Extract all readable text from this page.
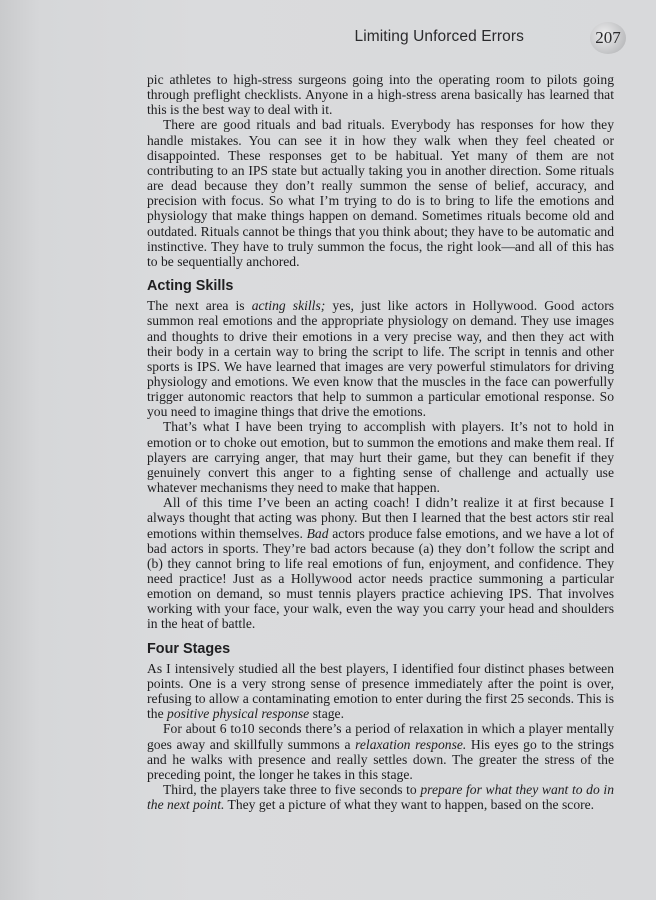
Limiting Unforced Errors	207

pic athletes to high-stress surgeons going into the operating room to pilots going through preflight checklists. Anyone in a high-stress arena basically has learned that this is the best way to deal with it.

There are good rituals and bad rituals. Everybody has responses for how they handle mistakes. You can see it in how they walk when they feel cheated or disappointed. These responses get to be habitual. Yet many of them are not contributing to an IPS state but actually taking you in another direction. Some rituals are dead because they don’t really summon the sense of belief, accuracy, and precision with focus. So what I’m trying to do is to bring to life the emotions and physiology that make things happen on demand. Sometimes rituals become old and outdated. Rituals cannot be things that you think about; they have to be automatic and instinctive. They have to truly summon the focus, the right look—and all of this has to be sequentially anchored.

Acting Skills

The next area is acting skills; yes, just like actors in Hollywood. Good actors summon real emotions and the appropriate physiology on demand. They use images and thoughts to drive their emotions in a very precise way, and then they act with their body in a certain way to bring the script to life. The script in tennis and other sports is IPS. We have learned that images are very powerful stimulators for driving physiology and emotions. We even know that the muscles in the face can powerfully trigger autonomic reactors that help to summon a particular emotional response. So you need to imagine things that drive the emotions.

That’s what I have been trying to accomplish with players. It’s not to hold in emotion or to choke out emotion, but to summon the emotions and make them real. If players are carrying anger, that may hurt their game, but they can benefit if they genuinely convert this anger to a fighting sense of challenge and actually use whatever mechanisms they need to make that happen.

All of this time I’ve been an acting coach! I didn’t realize it at first because I always thought that acting was phony. But then I learned that the best actors stir real emotions within themselves. Bad actors produce false emotions, and we have a lot of bad actors in sports. They’re bad actors because (a) they don’t follow the script and (b) they cannot bring to life real emotions of fun, enjoyment, and confidence. They need practice! Just as a Hollywood actor needs practice summoning a particular emotion on demand, so must tennis players practice achieving IPS. That involves working with your face, your walk, even the way you carry your head and shoulders in the heat of battle.

Four Stages

As I intensively studied all the best players, I identified four distinct phases between points. One is a very strong sense of presence immediately after the point is over, refusing to allow a contaminating emotion to enter during the first 25 seconds. This is the positive physical response stage.

For about 6 to10 seconds there’s a period of relaxation in which a player mentally goes away and skillfully summons a relaxation response. His eyes go to the strings and he walks with presence and really settles down. The greater the stress of the preceding point, the longer he takes in this stage.

Third, the players take three to five seconds to prepare for what they want to do in the next point. They get a picture of what they want to happen, based on the score.
